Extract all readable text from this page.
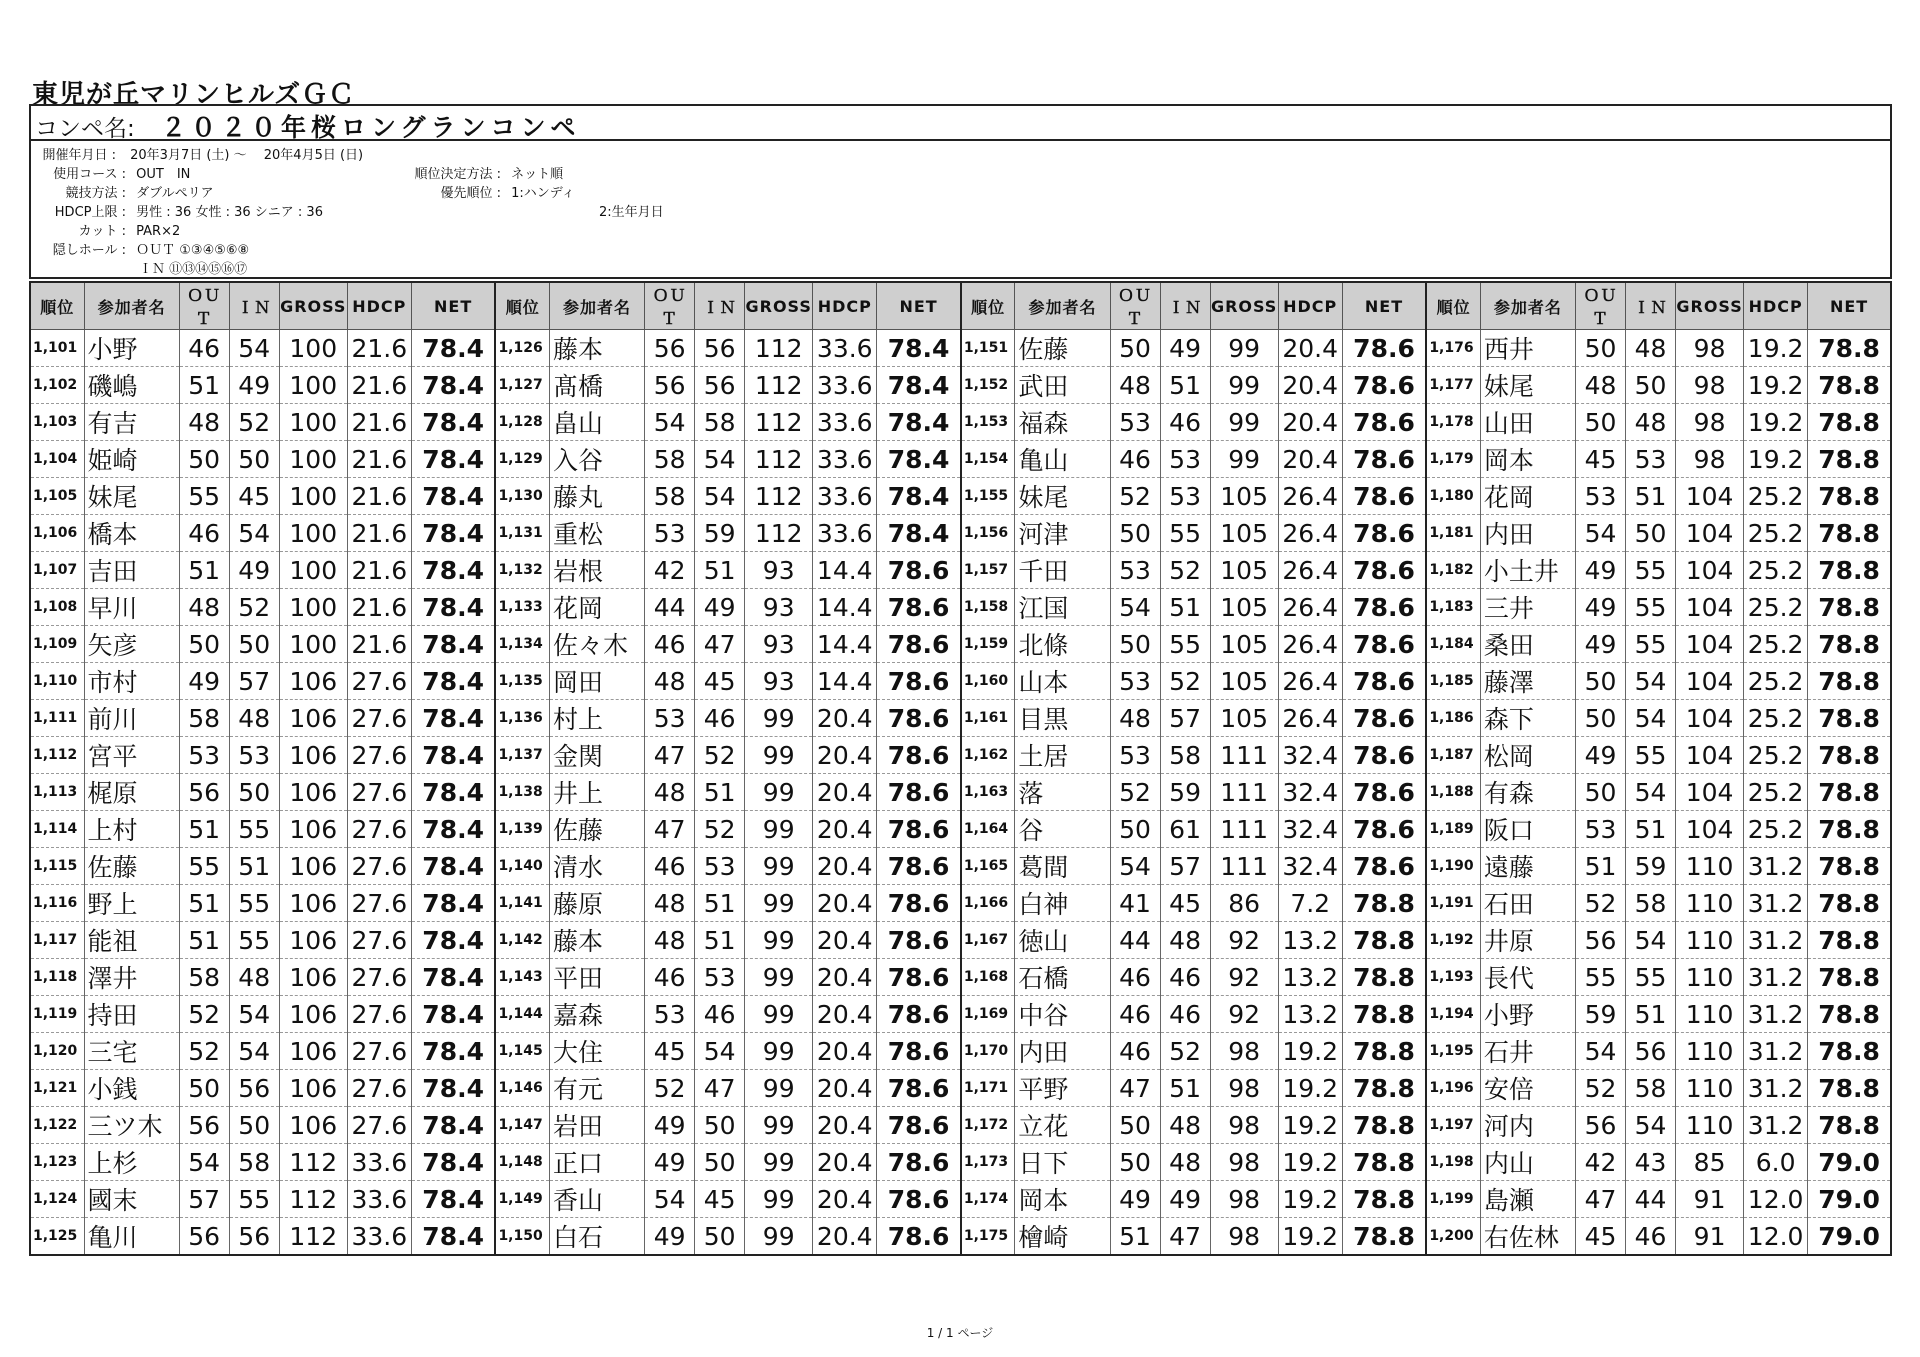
東児が丘マリンヒルズＧＣ
コンペ名: ２０２０年桜ロングランコンペ
開催年月日 : 20年3月7日 (土) ～　 20年4月5日 (日)
使用コース : OUT　IN
競技方法 : ダブルペリア
HDCP上限 : 男性 : 36 女性 : 36 シニア : 36
カット : PAR×2
隠しホール : ＯＵＴ ①③④⑤⑥⑧
ＩＮ ⑪⑬⑭⑮⑯⑰
順位決定方法 : ネット順
優先順位 : 1:ハンディ
2:生年月日
順位	参加者名	ＯＵＴ	ＩＮ	GROSS	HDCP	NET	順位	参加者名	ＯＵＴ	ＩＮ	GROSS	HDCP	NET	順位	参加者名	ＯＵＴ	ＩＮ	GROSS	HDCP	NET	順位	参加者名	ＯＵＴ	ＩＮ	GROSS	HDCP	NET
1,101	小野	46	54	100	21.6	78.4	1,126	藤本	56	56	112	33.6	78.4	1,151	佐藤	50	49	99	20.4	78.6	1,176	西井	50	48	98	19.2	78.8
1,102	磯嶋	51	49	100	21.6	78.4	1,127	髙橋	56	56	112	33.6	78.4	1,152	武田	48	51	99	20.4	78.6	1,177	妹尾	48	50	98	19.2	78.8
1,103	有吉	48	52	100	21.6	78.4	1,128	畠山	54	58	112	33.6	78.4	1,153	福森	53	46	99	20.4	78.6	1,178	山田	50	48	98	19.2	78.8
1,104	姫崎	50	50	100	21.6	78.4	1,129	入谷	58	54	112	33.6	78.4	1,154	亀山	46	53	99	20.4	78.6	1,179	岡本	45	53	98	19.2	78.8
1,105	妹尾	55	45	100	21.6	78.4	1,130	藤丸	58	54	112	33.6	78.4	1,155	妹尾	52	53	105	26.4	78.6	1,180	花岡	53	51	104	25.2	78.8
1,106	橋本	46	54	100	21.6	78.4	1,131	重松	53	59	112	33.6	78.4	1,156	河津	50	55	105	26.4	78.6	1,181	内田	54	50	104	25.2	78.8
1,107	吉田	51	49	100	21.6	78.4	1,132	岩根	42	51	93	14.4	78.6	1,157	千田	53	52	105	26.4	78.6	1,182	小土井	49	55	104	25.2	78.8
1,108	早川	48	52	100	21.6	78.4	1,133	花岡	44	49	93	14.4	78.6	1,158	江国	54	51	105	26.4	78.6	1,183	三井	49	55	104	25.2	78.8
1,109	矢彦	50	50	100	21.6	78.4	1,134	佐々木	46	47	93	14.4	78.6	1,159	北條	50	55	105	26.4	78.6	1,184	桑田	49	55	104	25.2	78.8
1,110	市村	49	57	106	27.6	78.4	1,135	岡田	48	45	93	14.4	78.6	1,160	山本	53	52	105	26.4	78.6	1,185	藤澤	50	54	104	25.2	78.8
1,111	前川	58	48	106	27.6	78.4	1,136	村上	53	46	99	20.4	78.6	1,161	目黒	48	57	105	26.4	78.6	1,186	森下	50	54	104	25.2	78.8
1,112	宮平	53	53	106	27.6	78.4	1,137	金関	47	52	99	20.4	78.6	1,162	土居	53	58	111	32.4	78.6	1,187	松岡	49	55	104	25.2	78.8
1,113	梶原	56	50	106	27.6	78.4	1,138	井上	48	51	99	20.4	78.6	1,163	落	52	59	111	32.4	78.6	1,188	有森	50	54	104	25.2	78.8
1,114	上村	51	55	106	27.6	78.4	1,139	佐藤	47	52	99	20.4	78.6	1,164	谷	50	61	111	32.4	78.6	1,189	阪口	53	51	104	25.2	78.8
1,115	佐藤	55	51	106	27.6	78.4	1,140	清水	46	53	99	20.4	78.6	1,165	葛間	54	57	111	32.4	78.6	1,190	遠藤	51	59	110	31.2	78.8
1,116	野上	51	55	106	27.6	78.4	1,141	藤原	48	51	99	20.4	78.6	1,166	白神	41	45	86	7.2	78.8	1,191	石田	52	58	110	31.2	78.8
1,117	能祖	51	55	106	27.6	78.4	1,142	藤本	48	51	99	20.4	78.6	1,167	徳山	44	48	92	13.2	78.8	1,192	井原	56	54	110	31.2	78.8
1,118	澤井	58	48	106	27.6	78.4	1,143	平田	46	53	99	20.4	78.6	1,168	石橋	46	46	92	13.2	78.8	1,193	長代	55	55	110	31.2	78.8
1,119	持田	52	54	106	27.6	78.4	1,144	嘉森	53	46	99	20.4	78.6	1,169	中谷	46	46	92	13.2	78.8	1,194	小野	59	51	110	31.2	78.8
1,120	三宅	52	54	106	27.6	78.4	1,145	大住	45	54	99	20.4	78.6	1,170	内田	46	52	98	19.2	78.8	1,195	石井	54	56	110	31.2	78.8
1,121	小銭	50	56	106	27.6	78.4	1,146	有元	52	47	99	20.4	78.6	1,171	平野	47	51	98	19.2	78.8	1,196	安倍	52	58	110	31.2	78.8
1,122	三ツ木	56	50	106	27.6	78.4	1,147	岩田	49	50	99	20.4	78.6	1,172	立花	50	48	98	19.2	78.8	1,197	河内	56	54	110	31.2	78.8
1,123	上杉	54	58	112	33.6	78.4	1,148	正口	49	50	99	20.4	78.6	1,173	日下	50	48	98	19.2	78.8	1,198	内山	42	43	85	6.0	79.0
1,124	國末	57	55	112	33.6	78.4	1,149	香山	54	45	99	20.4	78.6	1,174	岡本	49	49	98	19.2	78.8	1,199	島瀬	47	44	91	12.0	79.0
1,125	亀川	56	56	112	33.6	78.4	1,150	白石	49	50	99	20.4	78.6	1,175	檜崎	51	47	98	19.2	78.8	1,200	右佐林	45	46	91	12.0	79.0
1 / 1 ページ
